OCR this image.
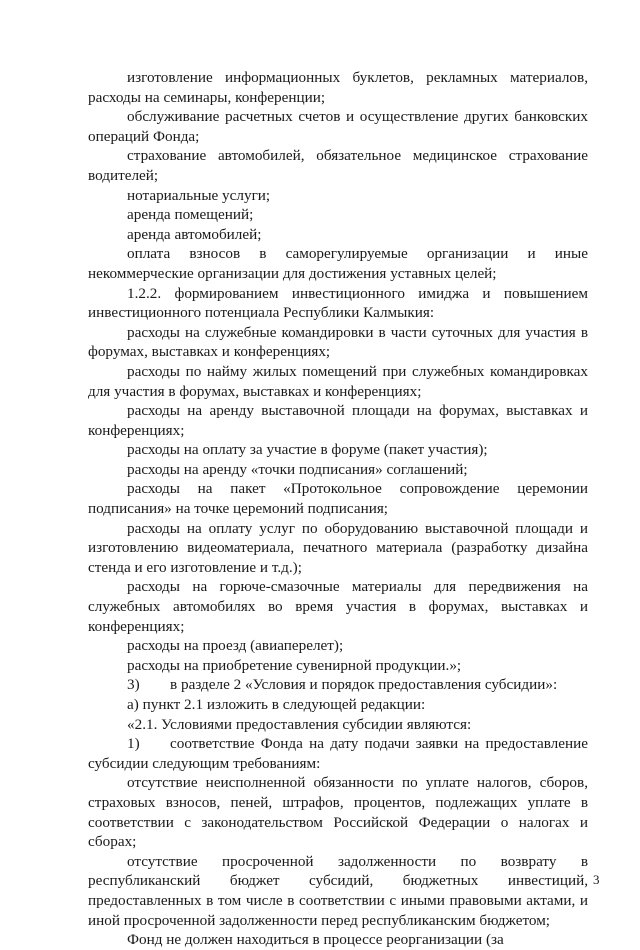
изготовление информационных буклетов, рекламных материалов, расходы на семинары, конференции;

обслуживание расчетных счетов и осуществление других банковских операций Фонда;

страхование автомобилей, обязательное медицинское страхование водителей;

нотариальные услуги;

аренда помещений;

аренда автомобилей;

оплата взносов в саморегулируемые организации и иные некоммерческие организации для достижения уставных целей;

1.2.2. формированием инвестиционного имиджа и повышением инвестиционного потенциала Республики Калмыкия:

расходы на служебные командировки в части суточных для участия в форумах, выставках и конференциях;

расходы по найму жилых помещений при служебных командировках для участия в форумах, выставках и конференциях;

расходы на аренду выставочной площади на форумах, выставках и конференциях;

расходы на оплату за участие в форуме (пакет участия);

расходы на аренду «точки подписания» соглашений;

расходы на пакет «Протокольное сопровождение церемонии подписания» на точке церемоний подписания;

расходы на оплату услуг по оборудованию выставочной площади и изготовлению видеоматериала, печатного материала (разработку дизайна стенда и его изготовление и т.д.);

расходы на горюче-смазочные материалы для передвижения на служебных автомобилях во время участия в форумах, выставках и конференциях;

расходы на проезд (авиаперелет);

расходы на приобретение сувенирной продукции.»;

3)  в разделе 2 «Условия и порядок предоставления субсидии»:

а) пункт 2.1 изложить в следующей редакции:

«2.1. Условиями предоставления субсидии являются:

1)  соответствие Фонда на дату подачи заявки на предоставление субсидии следующим требованиям:

отсутствие неисполненной обязанности по уплате налогов, сборов, страховых взносов, пеней, штрафов, процентов, подлежащих уплате в соответствии с законодательством Российской Федерации о налогах и сборах;

отсутствие просроченной задолженности по возврату в республиканский бюджет субсидий, бюджетных инвестиций, предоставленных в том числе в соответствии с иными правовыми актами, и иной просроченной задолженности перед республиканским бюджетом;

Фонд не должен находиться в процессе реорганизации (за

3
